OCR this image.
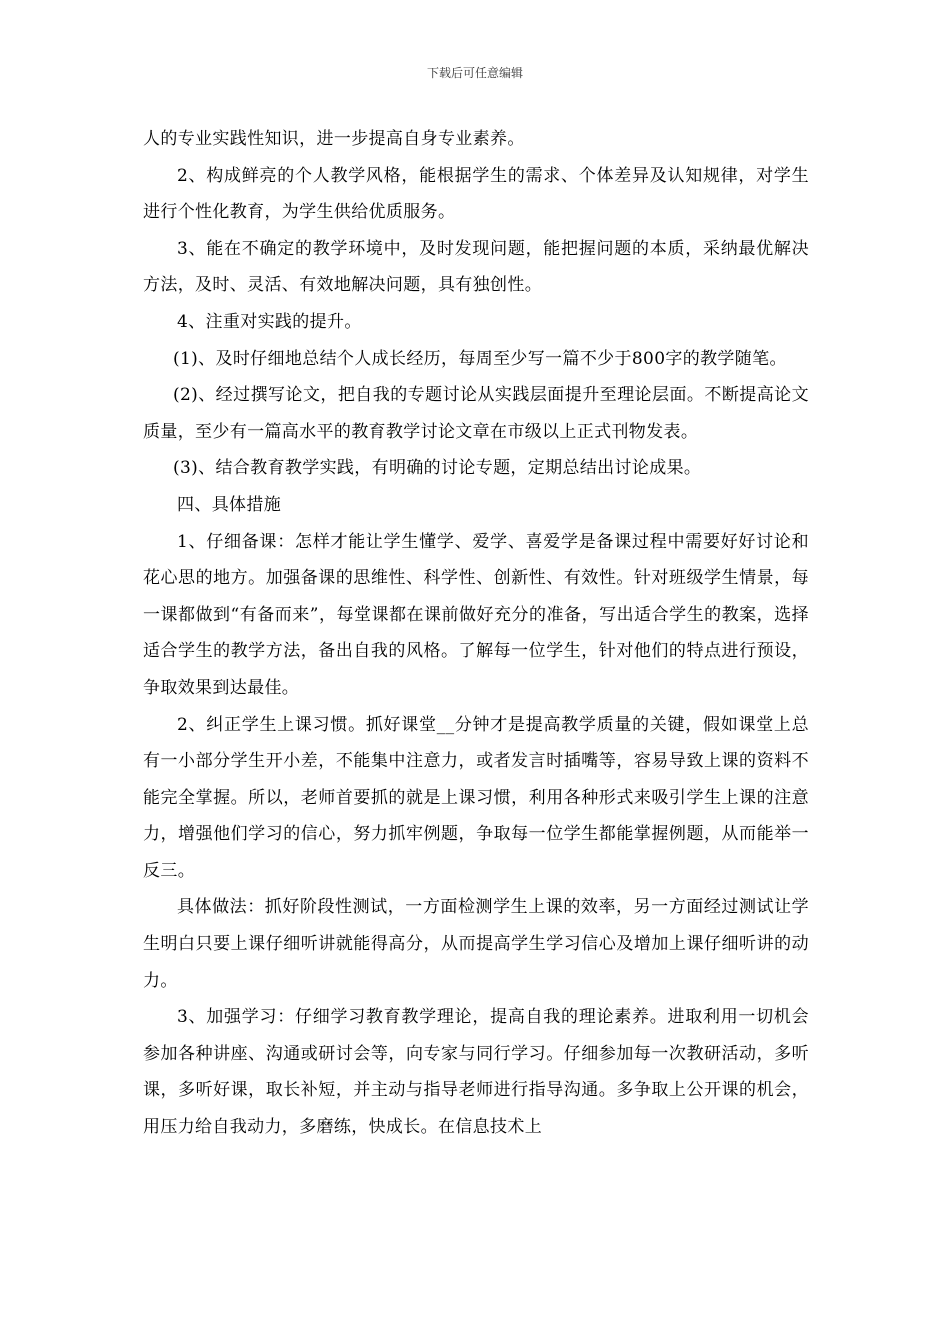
下载后可任意编辑

人的专业实践性知识，进一步提高自身专业素养。

2、构成鲜亮的个人教学风格，能根据学生的需求、个体差异及认知规律，对学生进行个性化教育，为学生供给优质服务。

3、能在不确定的教学环境中，及时发现问题，能把握问题的本质，采纳最优解决方法，及时、灵活、有效地解决问题，具有独创性。

4、注重对实践的提升。

(1)、及时仔细地总结个人成长经历，每周至少写一篇不少于800字的教学随笔。

(2)、经过撰写论文，把自我的专题讨论从实践层面提升至理论层面。不断提高论文质量，至少有一篇高水平的教育教学讨论文章在市级以上正式刊物发表。

(3)、结合教育教学实践，有明确的讨论专题，定期总结出讨论成果。

四、具体措施

1、仔细备课：怎样才能让学生懂学、爱学、喜爱学是备课过程中需要好好讨论和花心思的地方。加强备课的思维性、科学性、创新性、有效性。针对班级学生情景，每一课都做到“有备而来”，每堂课都在课前做好充分的准备，写出适合学生的教案，选择适合学生的教学方法，备出自我的风格。了解每一位学生，针对他们的特点进行预设，争取效果到达最佳。

2、纠正学生上课习惯。抓好课堂__分钟才是提高教学质量的关键，假如课堂上总有一小部分学生开小差，不能集中注意力，或者发言时插嘴等，容易导致上课的资料不能完全掌握。所以，老师首要抓的就是上课习惯，利用各种形式来吸引学生上课的注意力，增强他们学习的信心，努力抓牢例题，争取每一位学生都能掌握例题，从而能举一反三。

具体做法：抓好阶段性测试，一方面检测学生上课的效率，另一方面经过测试让学生明白只要上课仔细听讲就能得高分，从而提高学生学习信心及增加上课仔细听讲的动力。

3、加强学习：仔细学习教育教学理论，提高自我的理论素养。进取利用一切机会参加各种讲座、沟通或研讨会等，向专家与同行学习。仔细参加每一次教研活动，多听课，多听好课，取长补短，并主动与指导老师进行指导沟通。多争取上公开课的机会，用压力给自我动力，多磨练，快成长。在信息技术上
